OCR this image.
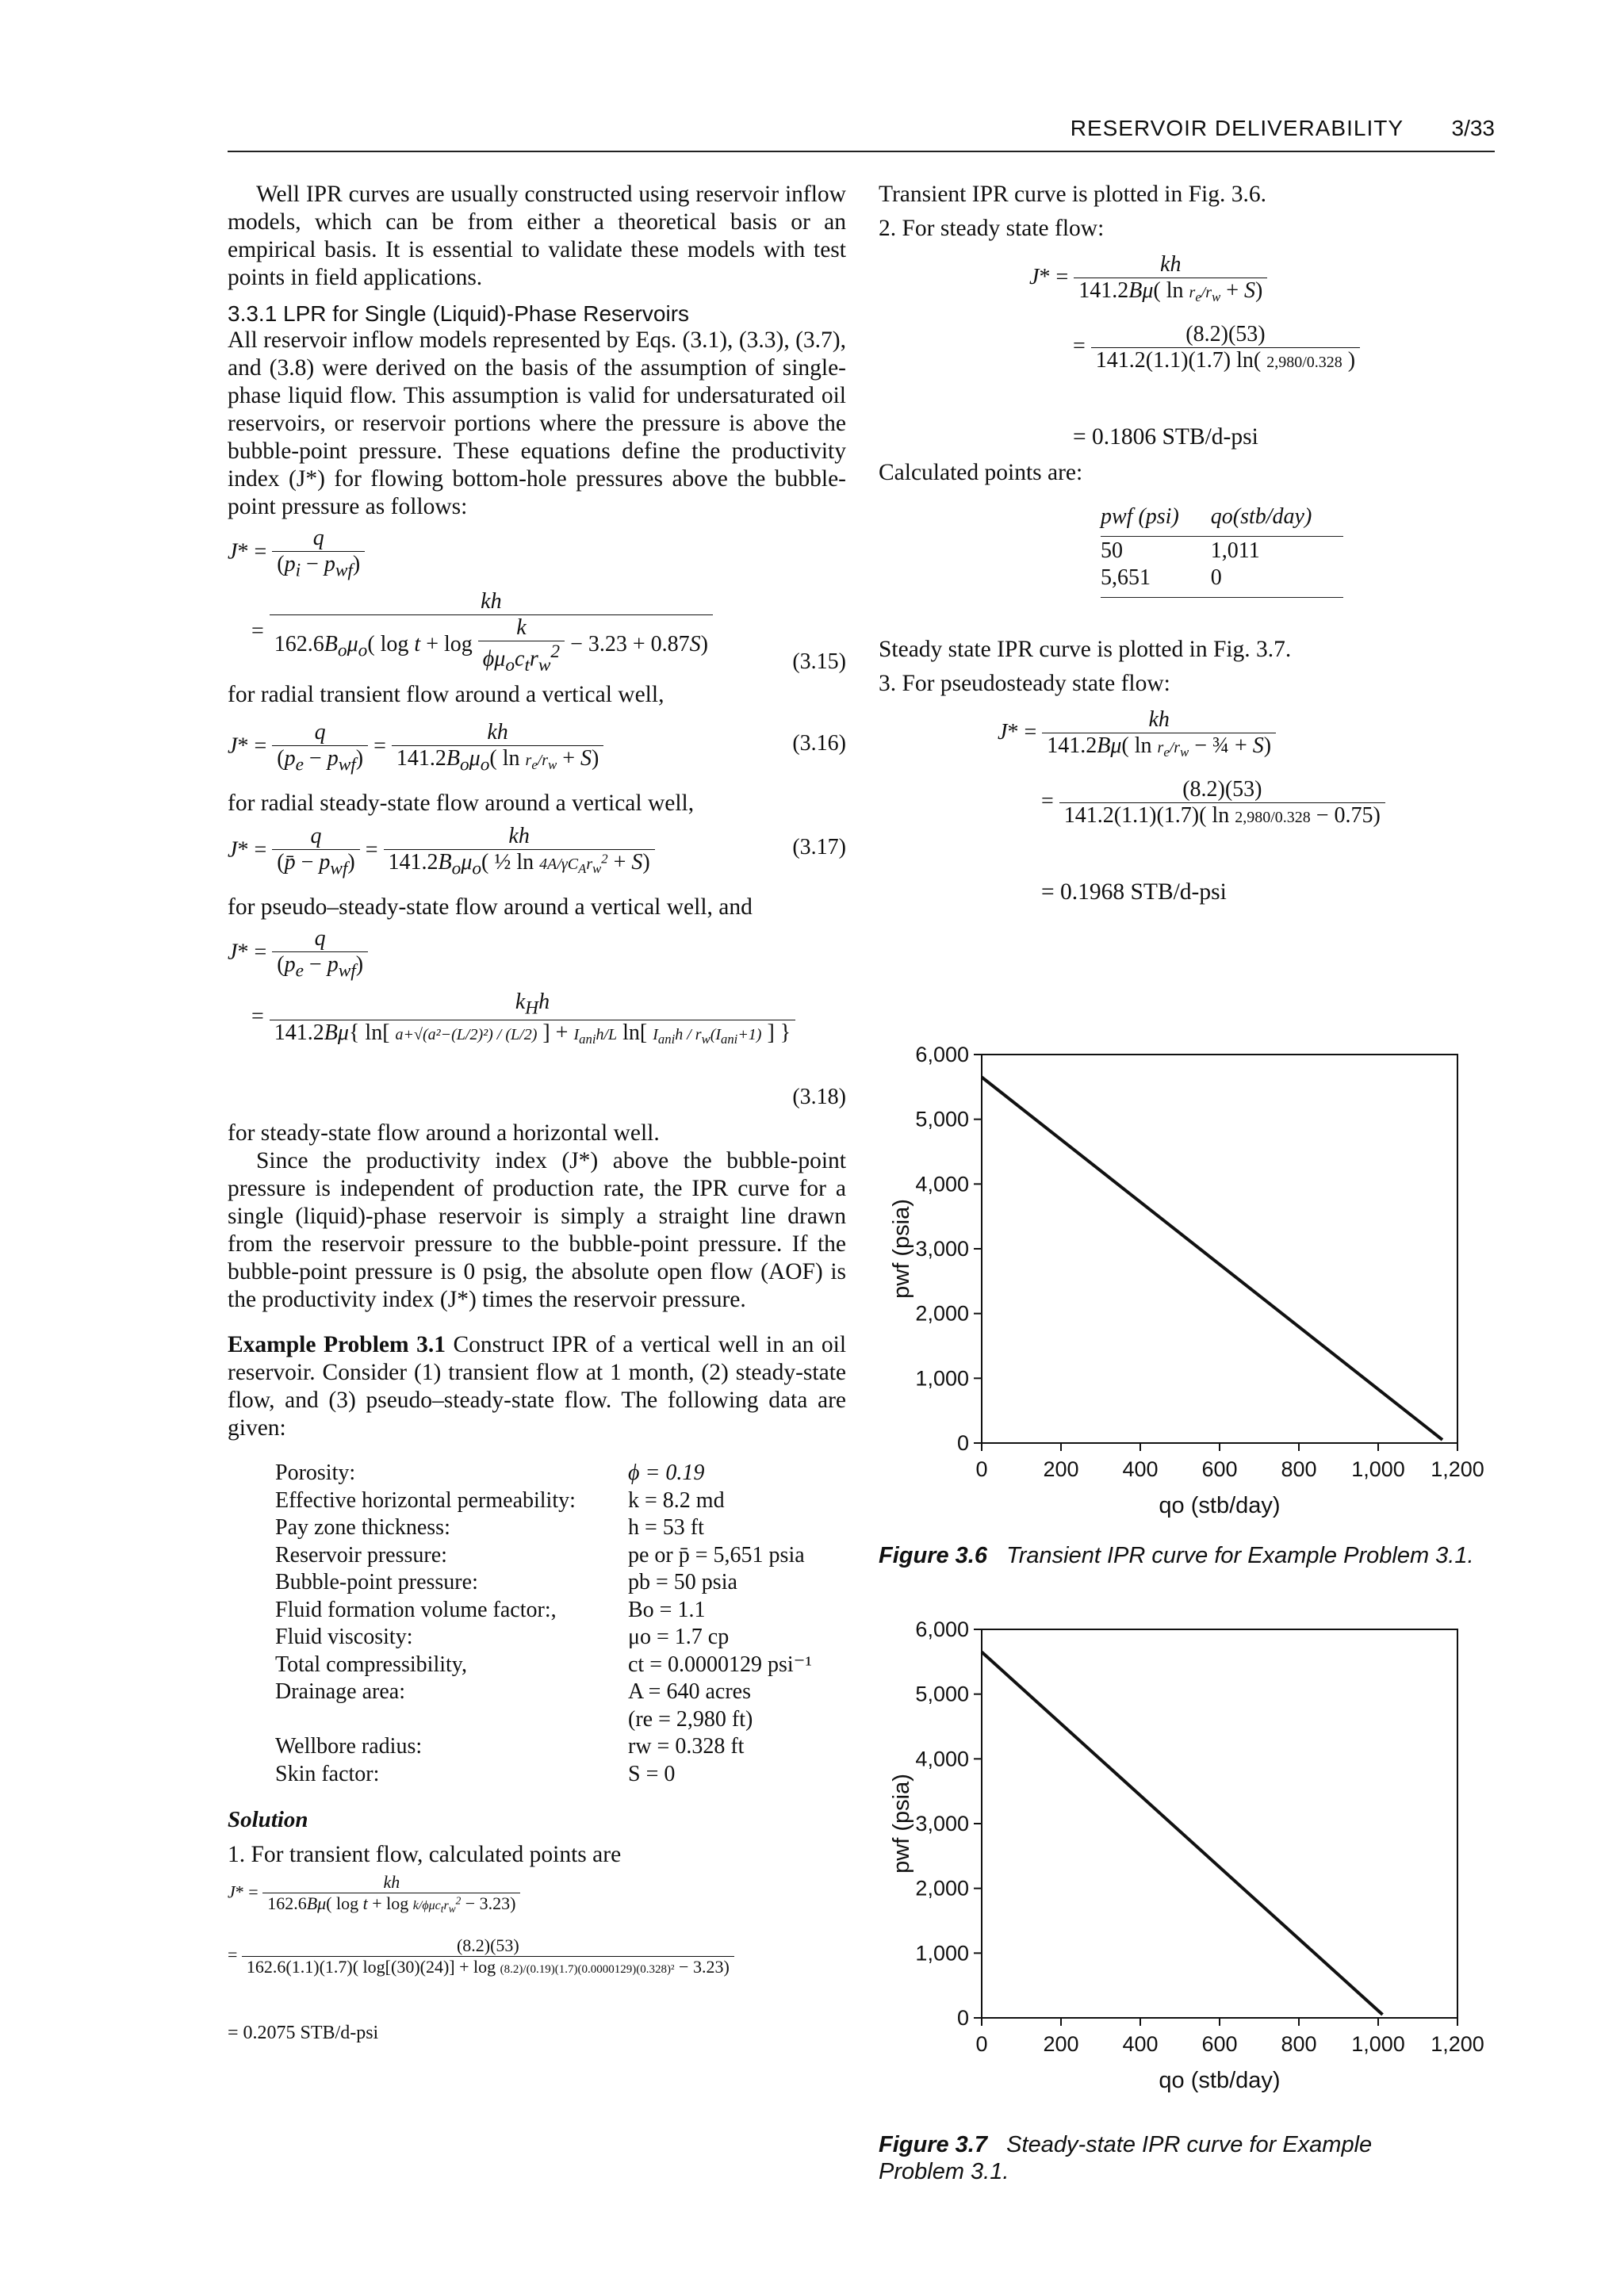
RESERVOIR DELIVERABILITY 3/33

Well IPR curves are usually constructed using reservoir inflow models, which can be from either a theoretical basis or an empirical basis. It is essential to validate these models with test points in field applications.

3.3.1 LPR for Single (Liquid)-Phase Reservoirs

All reservoir inflow models represented by Eqs. (3.1), (3.3), (3.7), and (3.8) were derived on the basis of the assumption of single-phase liquid flow. This assumption is valid for undersaturated oil reservoirs, or reservoir portions where the pressure is above the bubble-point pressure. These equations define the productivity index (J*) for flowing bottom-hole pressures above the bubble-point pressure as follows:

$J* = \frac{q}{(p_i - p_{wf})}$
= $\frac{kh}{162.6B_o\mu_o( \log t + \log \frac{k}{\phi\mu_oc_tr_w^2} - 3.23 + 0.87S)}$	(3.15)

for radial transient flow around a vertical well,

$J* = \frac{q}{(p_e - p_{wf})} = \frac{kh}{141.2B_o\mu_o( \ln r_e/r_w + S)}$	(3.16)

for radial steady-state flow around a vertical well,

$J* = \frac{q}{(p̄ - p_{wf})} = \frac{kh}{141.2B_o\mu_o( \frac{1}{2} \ln 4A/\gamma C_Ar_w^2 + S)}$	(3.17)

for pseudo–steady-state flow around a vertical well, and

$J* = \frac{q}{(p_e - p_{wf})}$
=
$k_Hh$
141.2Bμ{ ln[ a+√(a²−(L/2)²) / (L/2) ] + $I_{ani}h/L$ ln[ $I_{ani}h / r_w(I_{ani}+1)$ ] }
(3.18)

for steady-state flow around a horizontal well.

Since the productivity index (J*) above the bubble-point pressure is independent of production rate, the IPR curve for a single (liquid)-phase reservoir is simply a straight line drawn from the reservoir pressure to the bubble-point pressure. If the bubble-point pressure is 0 psig, the absolute open flow (AOF) is the productivity index (J*) times the reservoir pressure.

Example Problem 3.1 Construct IPR of a vertical well in an oil reservoir. Consider (1) transient flow at 1 month, (2) steady-state flow, and (3) pseudo–steady-state flow. The following data are given:

Porosity:	ϕ = 0.19
Effective horizontal permeability:	k = 8.2 md
Pay zone thickness:	h = 53 ft
Reservoir pressure:	pe or p̄ = 5,651 psia
Bubble-point pressure:	pb = 50 psia
Fluid formation volume factor:,	Bo = 1.1
Fluid viscosity:	μo = 1.7 cp
Total compressibility,	ct = 0.0000129 psi⁻¹
Drainage area:	A = 640 acres
(re = 2,980 ft)
Wellbore radius:	rw = 0.328 ft
Skin factor:	S = 0
Solution

1. For transient flow, calculated points are

$J* = \frac{kh}{162.6B\mu( \log t + \log k/\phi\mu c_tr_w^2 - 3.23)}$
=	(8.2)(53)
162.6(1.1)(1.7)( log[(30)(24)] + log (8.2)/(0.19)(1.7)(0.0000129)(0.328)² − 3.23)

= 0.2075 STB/d-psi

Transient IPR curve is plotted in Fig. 3.6.

2. For steady state flow:

$J* = \frac{kh}{141.2B\mu( \ln r_e/r_w + S)}$
= $\frac{(8.2)(53)}{141.2(1.1)(1.7) \ln( 2,980/0.328 )}$

= 0.1806 STB/d-psi

Calculated points are:

pwf (psi)	qo(stb/day)
50	1,011
5,651	0

Steady state IPR curve is plotted in Fig. 3.7.

3. For pseudosteady state flow:

$J* = \frac{kh}{141.2B\mu( \ln r_e/r_w - \frac{3}{4} + S)}$
= $\frac{(8.2)(53)}{141.2(1.1)(1.7)( \ln 2,980/0.328 - 0.75)}$

= 0.1968 STB/d-psi

0
1,000
2,000
3,000
4,000
5,000
6,000
0	200 400 600 800 1,000 1,200
qo (stb/day)
pwf (psia)
Figure 3.6 Transient IPR curve for Example Problem 3.1.
0
1,000
2,000
3,000
4,000
5,000
6,000
0	200 400 600 800 1,000 1,200
qo (stb/day)
pwf (psia)
Figure 3.7 Steady-state IPR curve for Example Problem 3.1.
